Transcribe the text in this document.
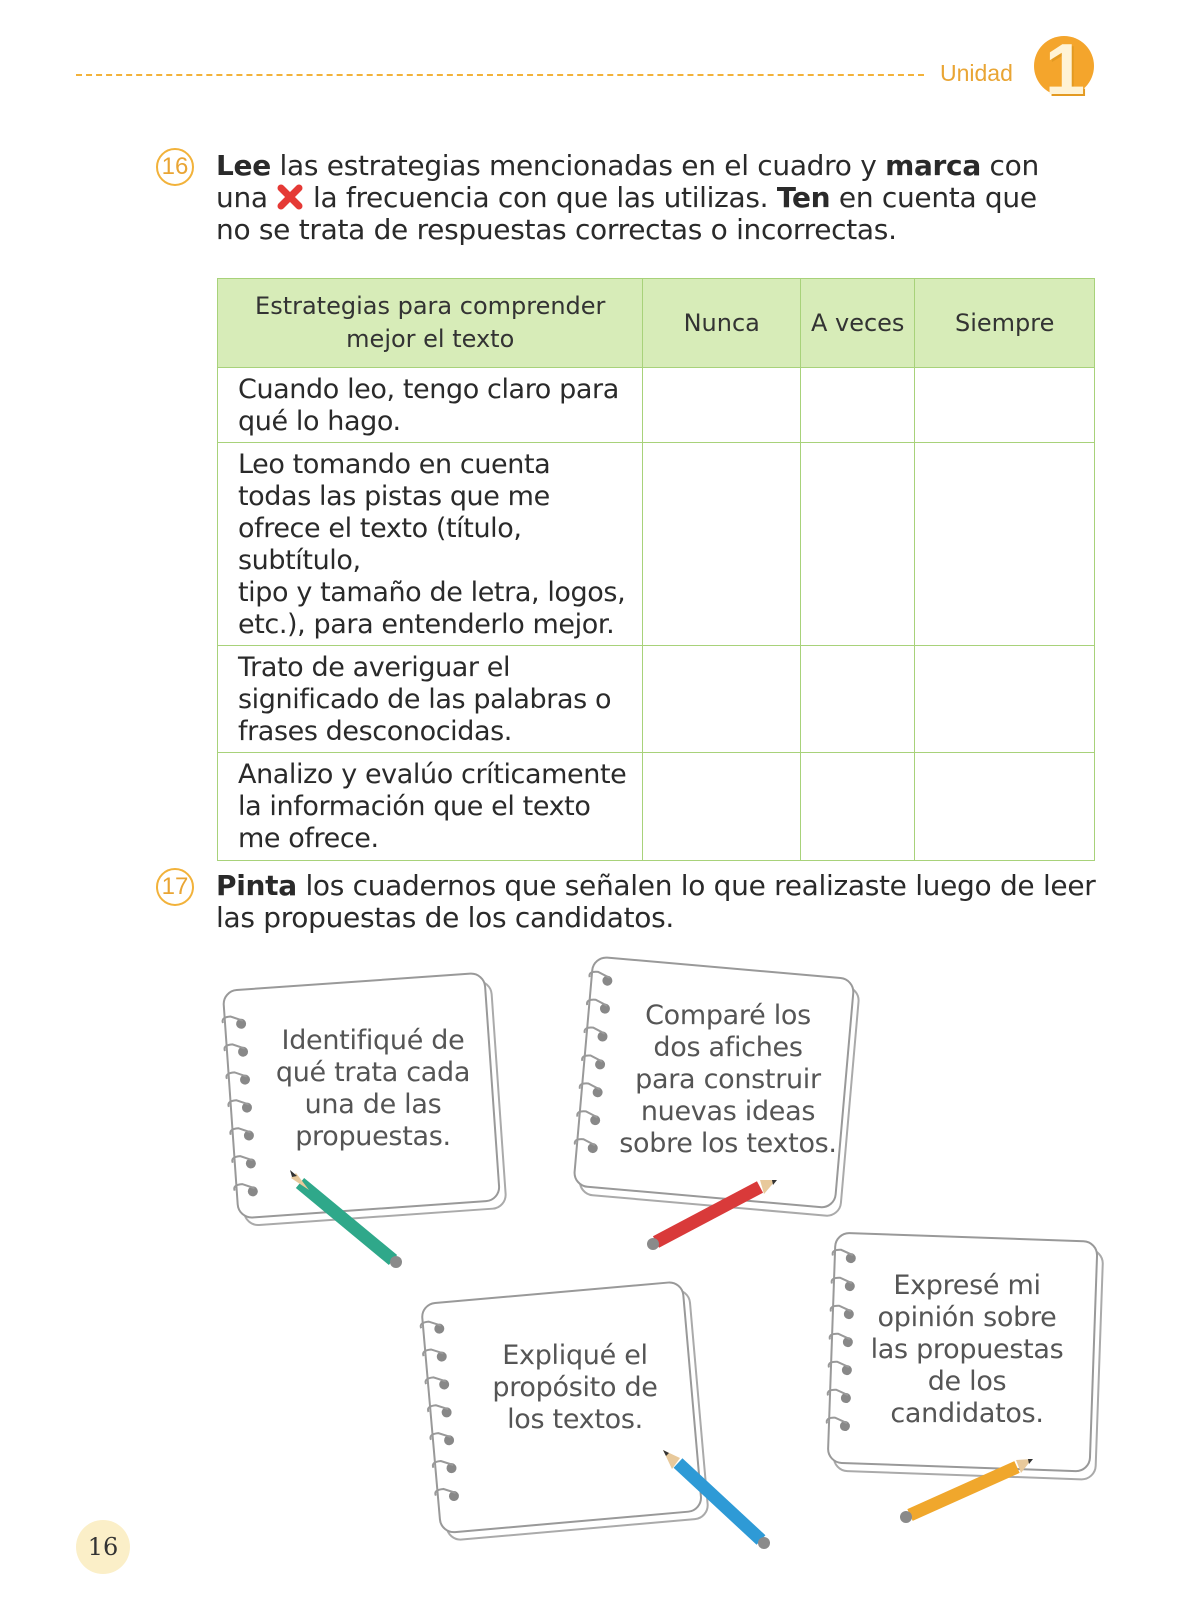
Unidad 1
16 Lee las estrategias mencionadas en el cuadro y marca con
una  la frecuencia con que las utilizas. Ten en cuenta que
no se trata de respuestas correctas o incorrectas.
Estrategias para comprender
mejor el texto	Nunca	A veces	Siempre

Cuando leo, tengo claro para
qué lo hago.			

Leo tomando en cuenta
todas las pistas que me
ofrece el texto (título, subtítulo,
tipo y tamaño de letra, logos,
etc.), para entenderlo mejor.			

Trato de averiguar el
significado de las palabras o
frases desconocidas.			

Analizo y evalúo críticamente
la información que el texto
me ofrece.			

17 Pinta los cuadernos que señalen lo que realizaste luego de leer
las propuestas de los candidatos.
Identifiqué de
qué trata cada
una de las
propuestas.
Comparé los
dos afiches
para construir
nuevas ideas
sobre los textos.
Expliqué el
propósito de
los textos.
Expresé mi
opinión sobre
las propuestas
de los
candidatos.
16
